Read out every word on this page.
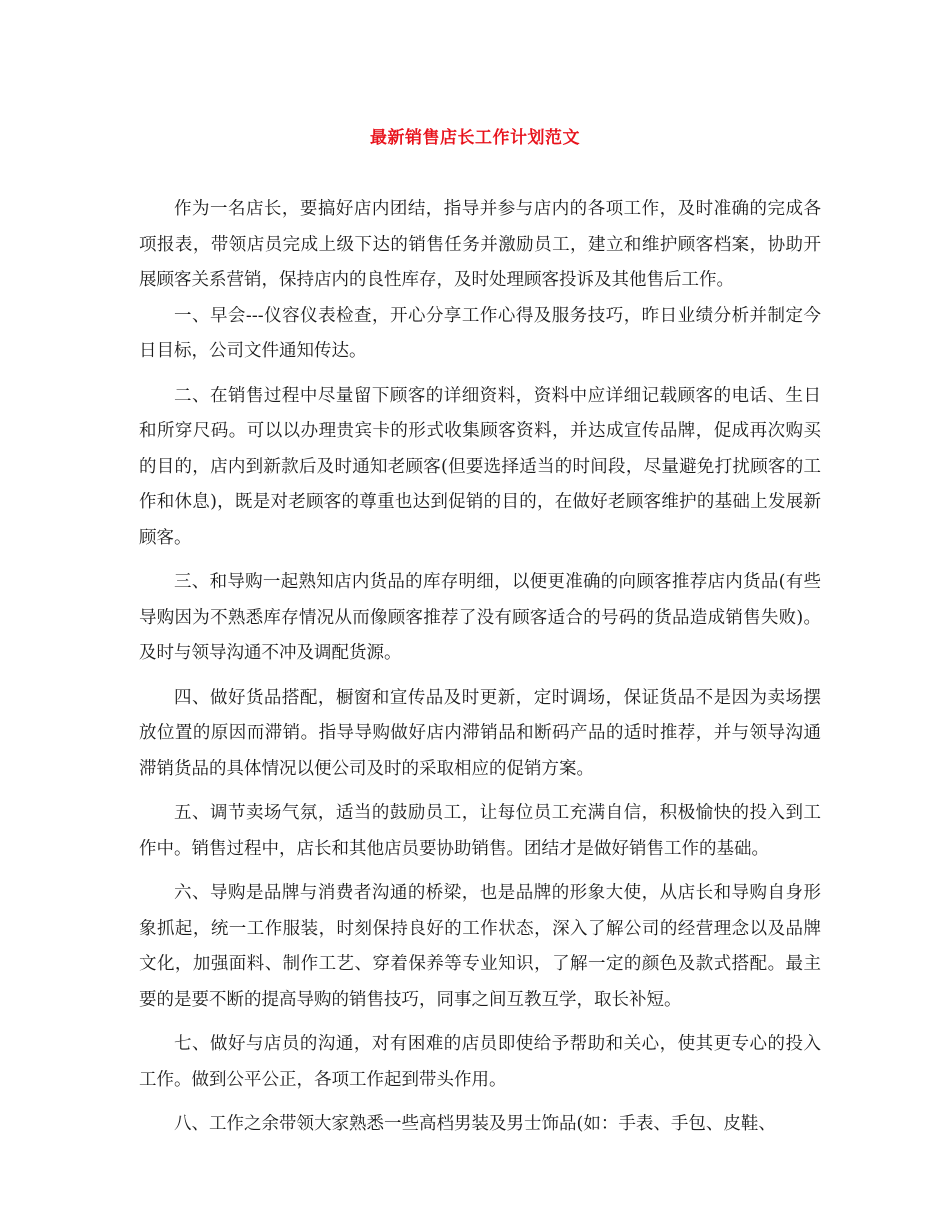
最新销售店长工作计划范文

作为一名店长，要搞好店内团结，指导并参与店内的各项工作，及时准确的完成各项报表，带领店员完成上级下达的销售任务并激励员工，建立和维护顾客档案，协助开展顾客关系营销，保持店内的良性库存，及时处理顾客投诉及其他售后工作。

一、早会---仪容仪表检查，开心分享工作心得及服务技巧，昨日业绩分析并制定今日目标，公司文件通知传达。

二、在销售过程中尽量留下顾客的详细资料，资料中应详细记载顾客的电话、生日和所穿尺码。可以以办理贵宾卡的形式收集顾客资料，并达成宣传品牌，促成再次购买的目的，店内到新款后及时通知老顾客(但要选择适当的时间段，尽量避免打扰顾客的工作和休息)，既是对老顾客的尊重也达到促销的目的，在做好老顾客维护的基础上发展新顾客。

三、和导购一起熟知店内货品的库存明细，以便更准确的向顾客推荐店内货品(有些导购因为不熟悉库存情况从而像顾客推荐了没有顾客适合的号码的货品造成销售失败)。 及时与领导沟通不冲及调配货源。

四、做好货品搭配，橱窗和宣传品及时更新，定时调场，保证货品不是因为卖场摆放位置的原因而滞销。指导导购做好店内滞销品和断码产品的适时推荐，并与领导沟通滞销货品的具体情况以便公司及时的采取相应的促销方案。

五、调节卖场气氛，适当的鼓励员工，让每位员工充满自信，积极愉快的投入到工作中。销售过程中，店长和其他店员要协助销售。团结才是做好销售工作的基础。

六、导购是品牌与消费者沟通的桥梁，也是品牌的形象大使，从店长和导购自身形象抓起，统一工作服装，时刻保持良好的工作状态，深入了解公司的经营理念以及品牌文化，加强面料、制作工艺、穿着保养等专业知识，了解一定的颜色及款式搭配。最主要的是要不断的提高导购的销售技巧，同事之间互教互学，取长补短。

七、做好与店员的沟通，对有困难的店员即使给予帮助和关心，使其更专心的投入工作。做到公平公正，各项工作起到带头作用。

八、工作之余带领大家熟悉一些高档男装及男士饰品(如：手表、手包、皮鞋、
